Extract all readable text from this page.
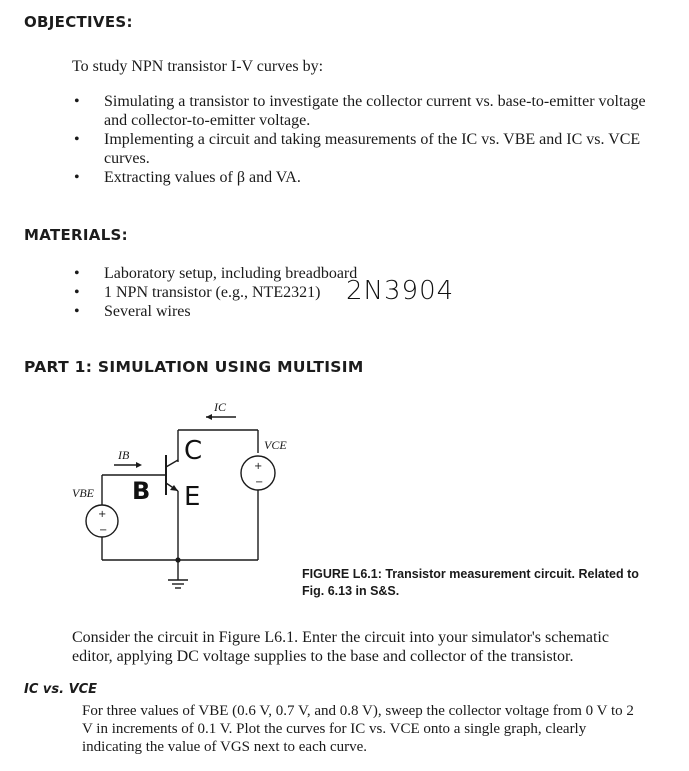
OBJECTIVES:
To study NPN transistor I-V curves by:
• Simulating a transistor to investigate the collector current vs. base-to-emitter voltage and collector-to-emitter voltage.
• Implementing a circuit and taking measurements of the IC vs. VBE and IC vs. VCE curves.
• Extracting values of β and VA.
MATERIALS:
• Laboratory setup, including breadboard
• 1 NPN transistor (e.g., NTE2321)
• Several wires
2N3904
PART 1: SIMULATION USING MULTISIM
IC
IB
VBE
VCE
+
−
+
−
C
B E
FIGURE L6.1: Transistor measurement circuit. Related to Fig. 6.13 in S&S.
Consider the circuit in Figure L6.1. Enter the circuit into your simulator's schematic editor, applying DC voltage supplies to the base and collector of the transistor.
IC vs. VCE
For three values of VBE (0.6 V, 0.7 V, and 0.8 V), sweep the collector voltage from 0 V to 2 V in increments of 0.1 V. Plot the curves for IC vs. VCE onto a single graph, clearly indicating the value of VGS next to each curve.
